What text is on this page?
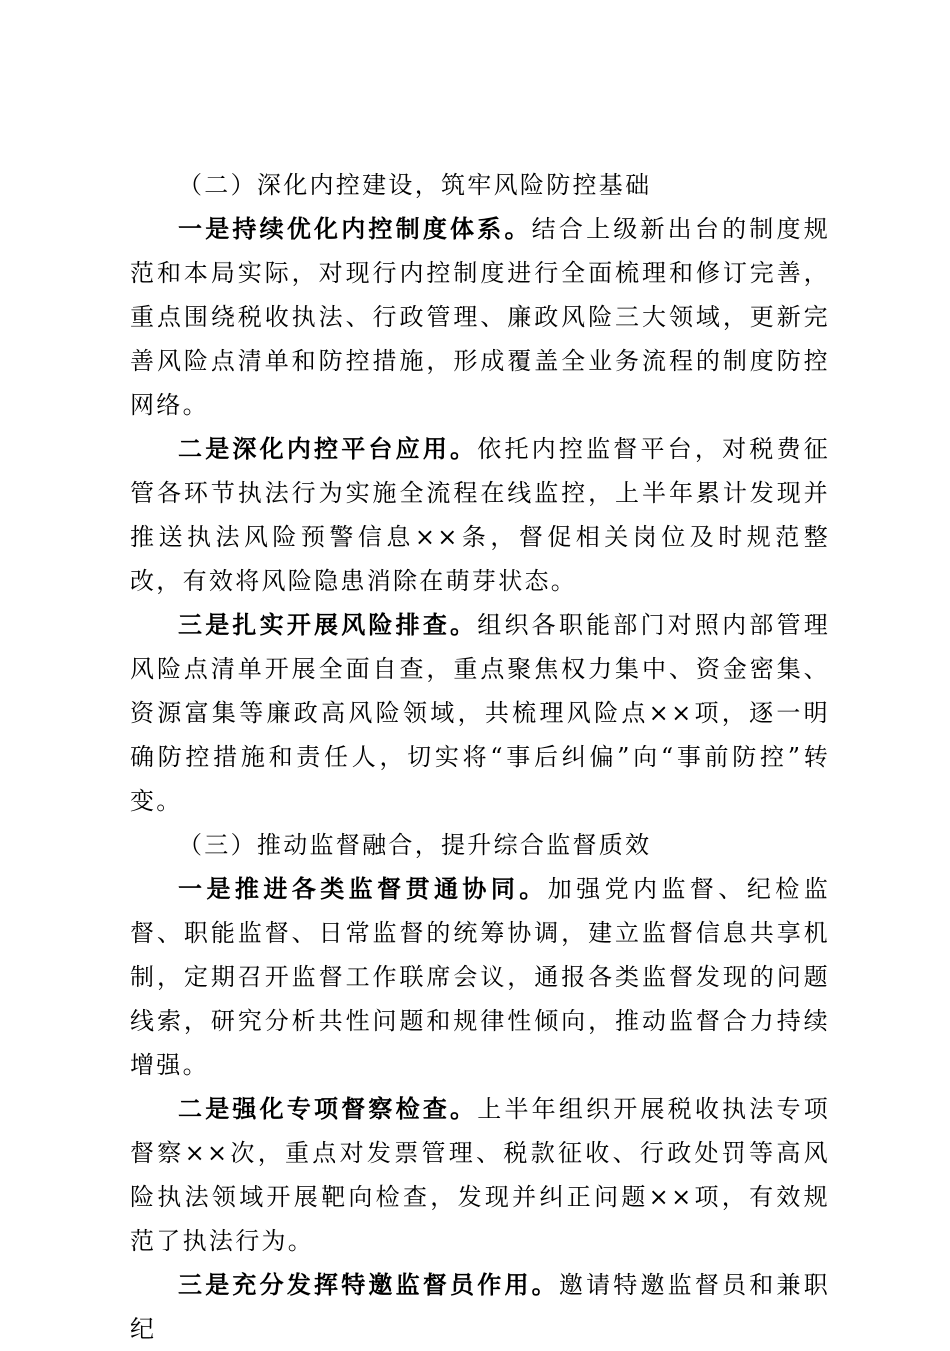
（二）深化内控建设，筑牢风险防控基础

一是持续优化内控制度体系。结合上级新出台的制度规范和本局实际，对现行内控制度进行全面梳理和修订完善，重点围绕税收执法、行政管理、廉政风险三大领域，更新完善风险点清单和防控措施，形成覆盖全业务流程的制度防控网络。

二是深化内控平台应用。依托内控监督平台，对税费征管各环节执法行为实施全流程在线监控，上半年累计发现并推送执法风险预警信息××条，督促相关岗位及时规范整改，有效将风险隐患消除在萌芽状态。

三是扎实开展风险排查。组织各职能部门对照内部管理风险点清单开展全面自查，重点聚焦权力集中、资金密集、资源富集等廉政高风险领域，共梳理风险点××项，逐一明确防控措施和责任人，切实将“事后纠偏”向“事前防控”转变。

（三）推动监督融合，提升综合监督质效

一是推进各类监督贯通协同。加强党内监督、纪检监督、职能监督、日常监督的统筹协调，建立监督信息共享机制，定期召开监督工作联席会议，通报各类监督发现的问题线索，研究分析共性问题和规律性倾向，推动监督合力持续增强。

二是强化专项督察检查。上半年组织开展税收执法专项督察××次，重点对发票管理、税款征收、行政处罚等高风险执法领域开展靶向检查，发现并纠正问题××项，有效规范了执法行为。

三是充分发挥特邀监督员作用。邀请特邀监督员和兼职纪
